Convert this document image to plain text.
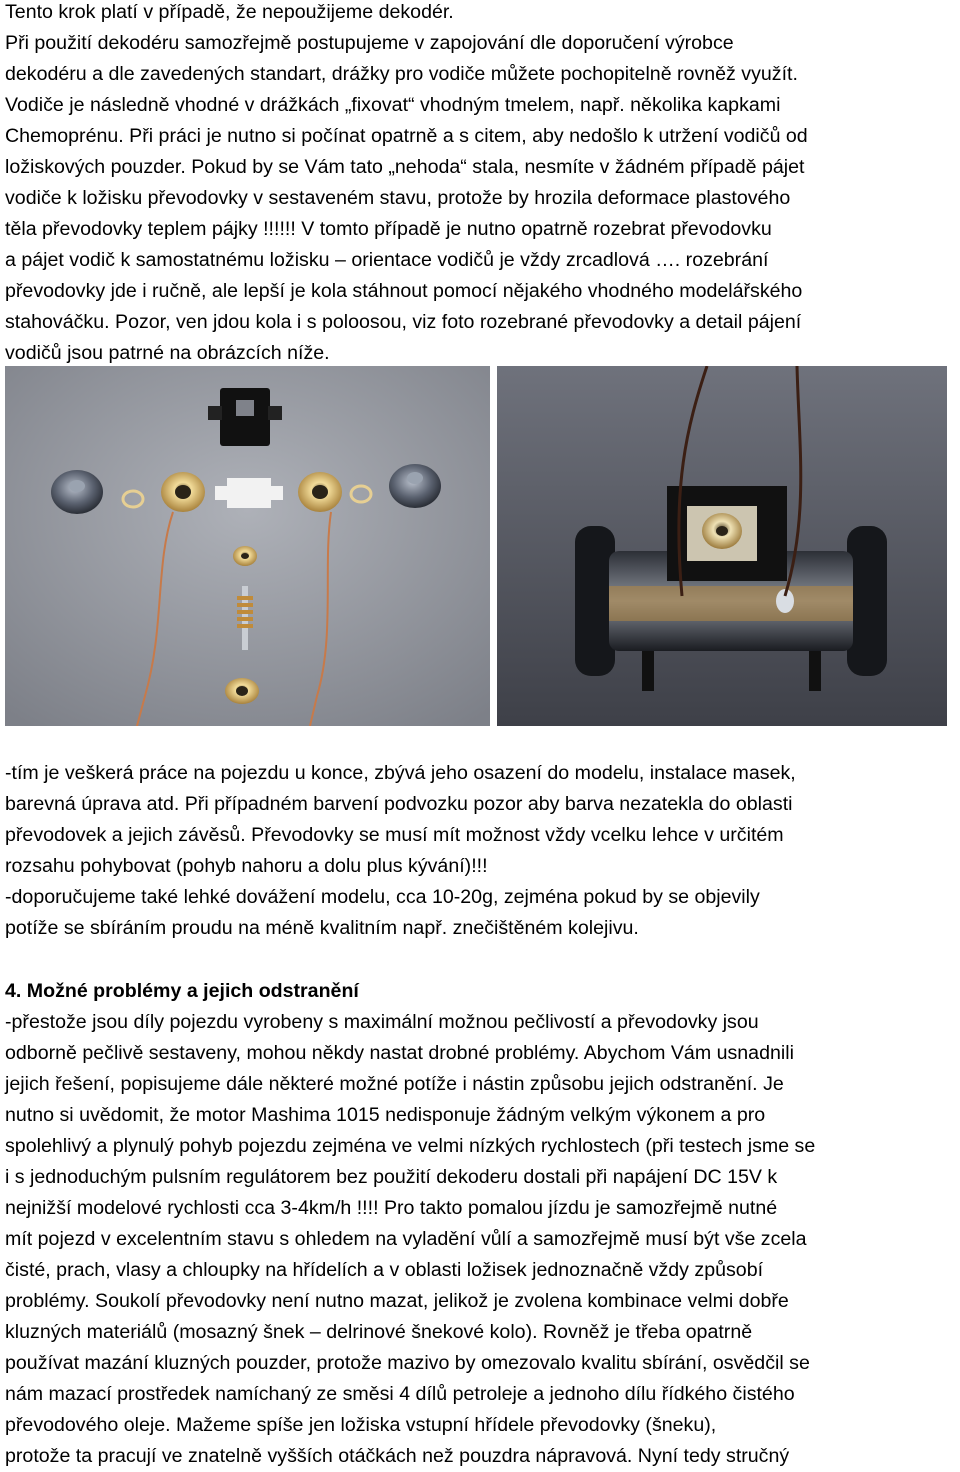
Tento krok platí v případě, že nepoužijeme dekodér.
Při použití dekodéru samozřejmě postupujeme v zapojování dle doporučení výrobce
dekodéru a dle zavedených standart, drážky pro vodiče můžete pochopitelně rovněž využít.
Vodiče je následně vhodné v drážkách „fixovat“ vhodným tmelem, např. několika kapkami
Chemoprénu. Při práci je nutno si počínat opatrně a s citem, aby nedošlo k utržení vodičů od
ložiskových pouzder. Pokud by se Vám tato „nehoda“ stala, nesmíte v žádném případě pájet
vodiče k ložisku převodovky v sestaveném stavu, protože by hrozila deformace plastového
těla převodovky teplem pájky !!!!!! V tomto případě je nutno opatrně rozebrat převodovku
a pájet vodič k samostatnému ložisku – orientace vodičů je vždy zrcadlová …. rozebrání
převodovky jde i ručně, ale lepší je kola stáhnout pomocí nějakého vhodného modelářského
stahováčku. Pozor, ven jdou kola i s poloosou, viz foto rozebrané převodovky a detail pájení
vodičů jsou patrné na obrázcích níže.
-tím je veškerá práce na pojezdu u konce, zbývá jeho osazení do modelu, instalace masek,
barevná úprava atd. Při případném barvení podvozku pozor aby barva nezatekla do oblasti
převodovek a jejich závěsů. Převodovky se musí mít možnost vždy vcelku lehce v určitém
rozsahu pohybovat (pohyb nahoru a dolu plus kývání)!!!
-doporučujeme také lehké dovážení modelu, cca 10-20g, zejména pokud by se objevily
potíže se sbíráním proudu na méně kvalitním např. znečištěném kolejivu.
4. Možné problémy a jejich odstranění
-přestože jsou díly pojezdu vyrobeny s maximální možnou pečlivostí a převodovky jsou
odborně pečlivě sestaveny, mohou někdy nastat drobné problémy. Abychom Vám usnadnili
jejich řešení, popisujeme dále některé možné potíže i nástin způsobu jejich odstranění. Je
nutno si uvědomit, že motor Mashima 1015 nedisponuje žádným velkým výkonem a pro
spolehlivý a plynulý pohyb pojezdu zejména ve velmi nízkých rychlostech (při testech jsme se
i s jednoduchým pulsním regulátorem bez použití dekoderu dostali při napájení DC 15V k
nejnižší modelové rychlosti cca 3-4km/h !!!! Pro takto pomalou jízdu je samozřejmě nutné
mít pojezd v excelentním stavu s ohledem na vyladění vůlí a samozřejmě musí být vše zcela
čisté, prach, vlasy a chloupky na hřídelích a v oblasti ložisek jednoznačně vždy způsobí
problémy. Soukolí převodovky není nutno mazat, jelikož je zvolena kombinace velmi dobře
kluzných materiálů (mosazný šnek – delrinové šnekové kolo). Rovněž je třeba opatrně
používat mazání kluzných pouzder, protože mazivo by omezovalo kvalitu sbírání, osvědčil se
nám mazací prostředek namíchaný ze směsi 4 dílů petroleje a jednoho dílu řídkého čistého
převodového oleje. Mažeme spíše jen ložiska vstupní hřídele převodovky (šneku),
protože ta pracují ve znatelně vyšších otáčkách než pouzdra nápravová. Nyní tedy stručný
